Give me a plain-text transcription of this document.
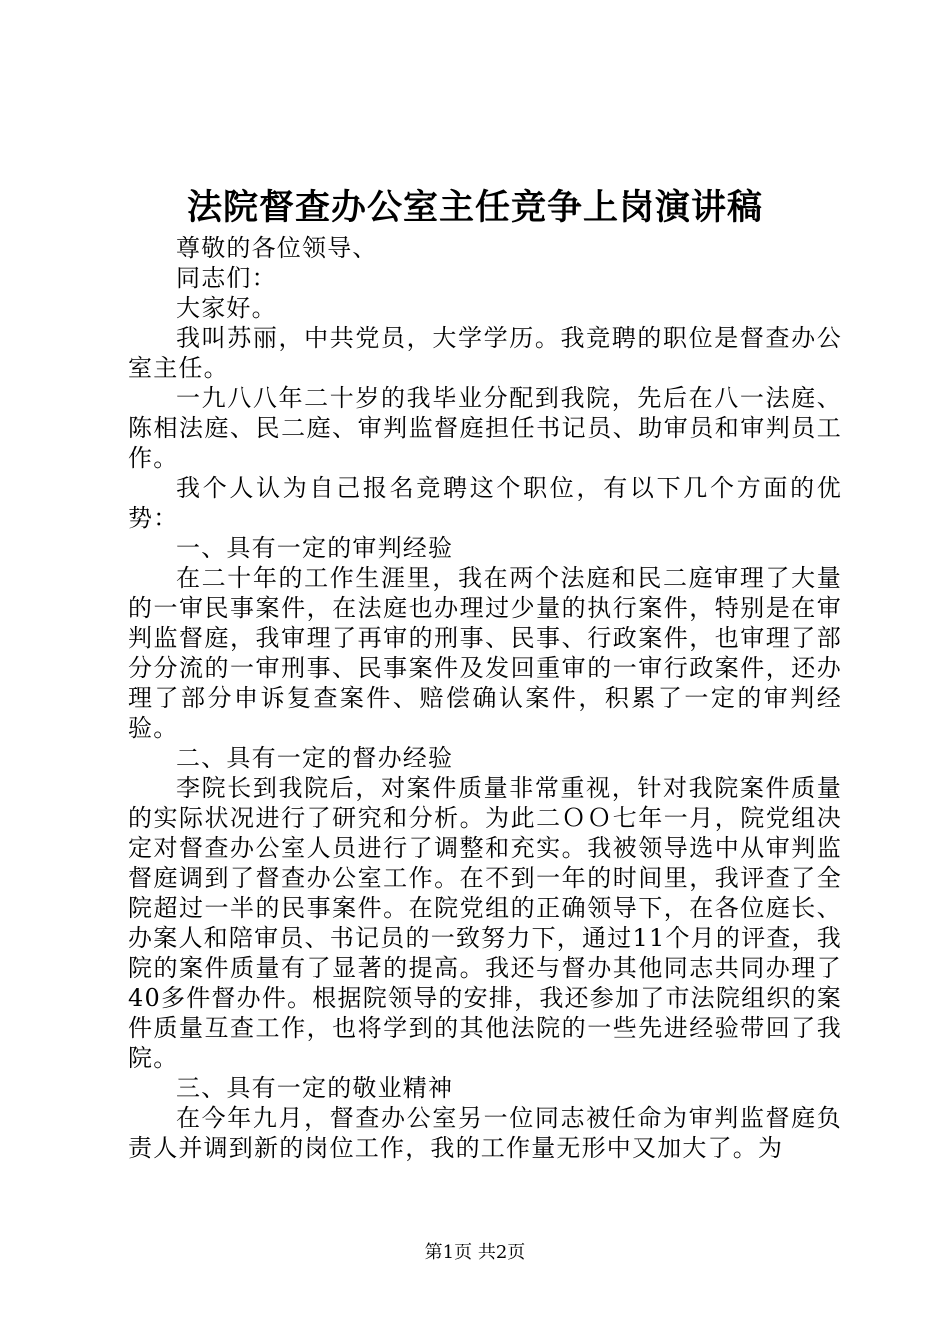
法院督查办公室主任竞争上岗演讲稿

尊敬的各位领导、

同志们：

大家好。

我叫苏丽，中共党员，大学学历。我竞聘的职位是督查办公室主任。

一九八八年二十岁的我毕业分配到我院，先后在八一法庭、陈相法庭、民二庭、审判监督庭担任书记员、助审员和审判员工作。

我个人认为自己报名竞聘这个职位，有以下几个方面的优势：

一、具有一定的审判经验

在二十年的工作生涯里，我在两个法庭和民二庭审理了大量的一审民事案件，在法庭也办理过少量的执行案件，特别是在审判监督庭，我审理了再审的刑事、民事、行政案件，也审理了部分分流的一审刑事、民事案件及发回重审的一审行政案件，还办理了部分申诉复查案件、赔偿确认案件，积累了一定的审判经验。

二、具有一定的督办经验

李院长到我院后，对案件质量非常重视，针对我院案件质量的实际状况进行了研究和分析。为此二ＯＯ七年一月，院党组决定对督查办公室人员进行了调整和充实。我被领导选中从审判监督庭调到了督查办公室工作。在不到一年的时间里，我评查了全院超过一半的民事案件。在院党组的正确领导下，在各位庭长、办案人和陪审员、书记员的一致努力下，通过11个月的评查，我院的案件质量有了显著的提高。我还与督办其他同志共同办理了40多件督办件。根据院领导的安排，我还参加了市法院组织的案件质量互查工作，也将学到的其他法院的一些先进经验带回了我院。

三、具有一定的敬业精神

在今年九月，督查办公室另一位同志被任命为审判监督庭负责人并调到新的岗位工作，我的工作量无形中又加大了。为

第1页 共2页
